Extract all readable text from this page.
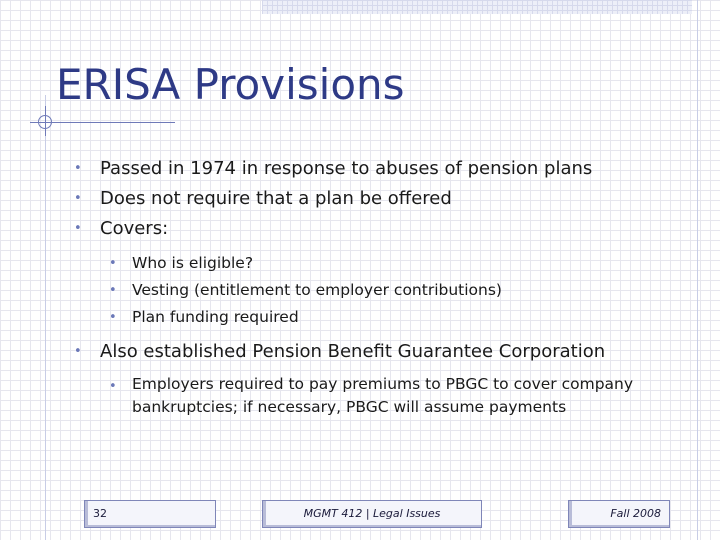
ERISA Provisions
• Passed in 1974 in response to abuses of pension plans
• Does not require that a plan be offered
• Covers:
• Who is eligible?
• Vesting (entitlement to employer contributions)
• Plan funding required
• Also established Pension Benefit Guarantee Corporation
• Employers required to pay premiums to PBGC to cover company bankruptcies; if necessary, PBGC will assume payments
32	MGMT 412 | Legal Issues	Fall 2008
